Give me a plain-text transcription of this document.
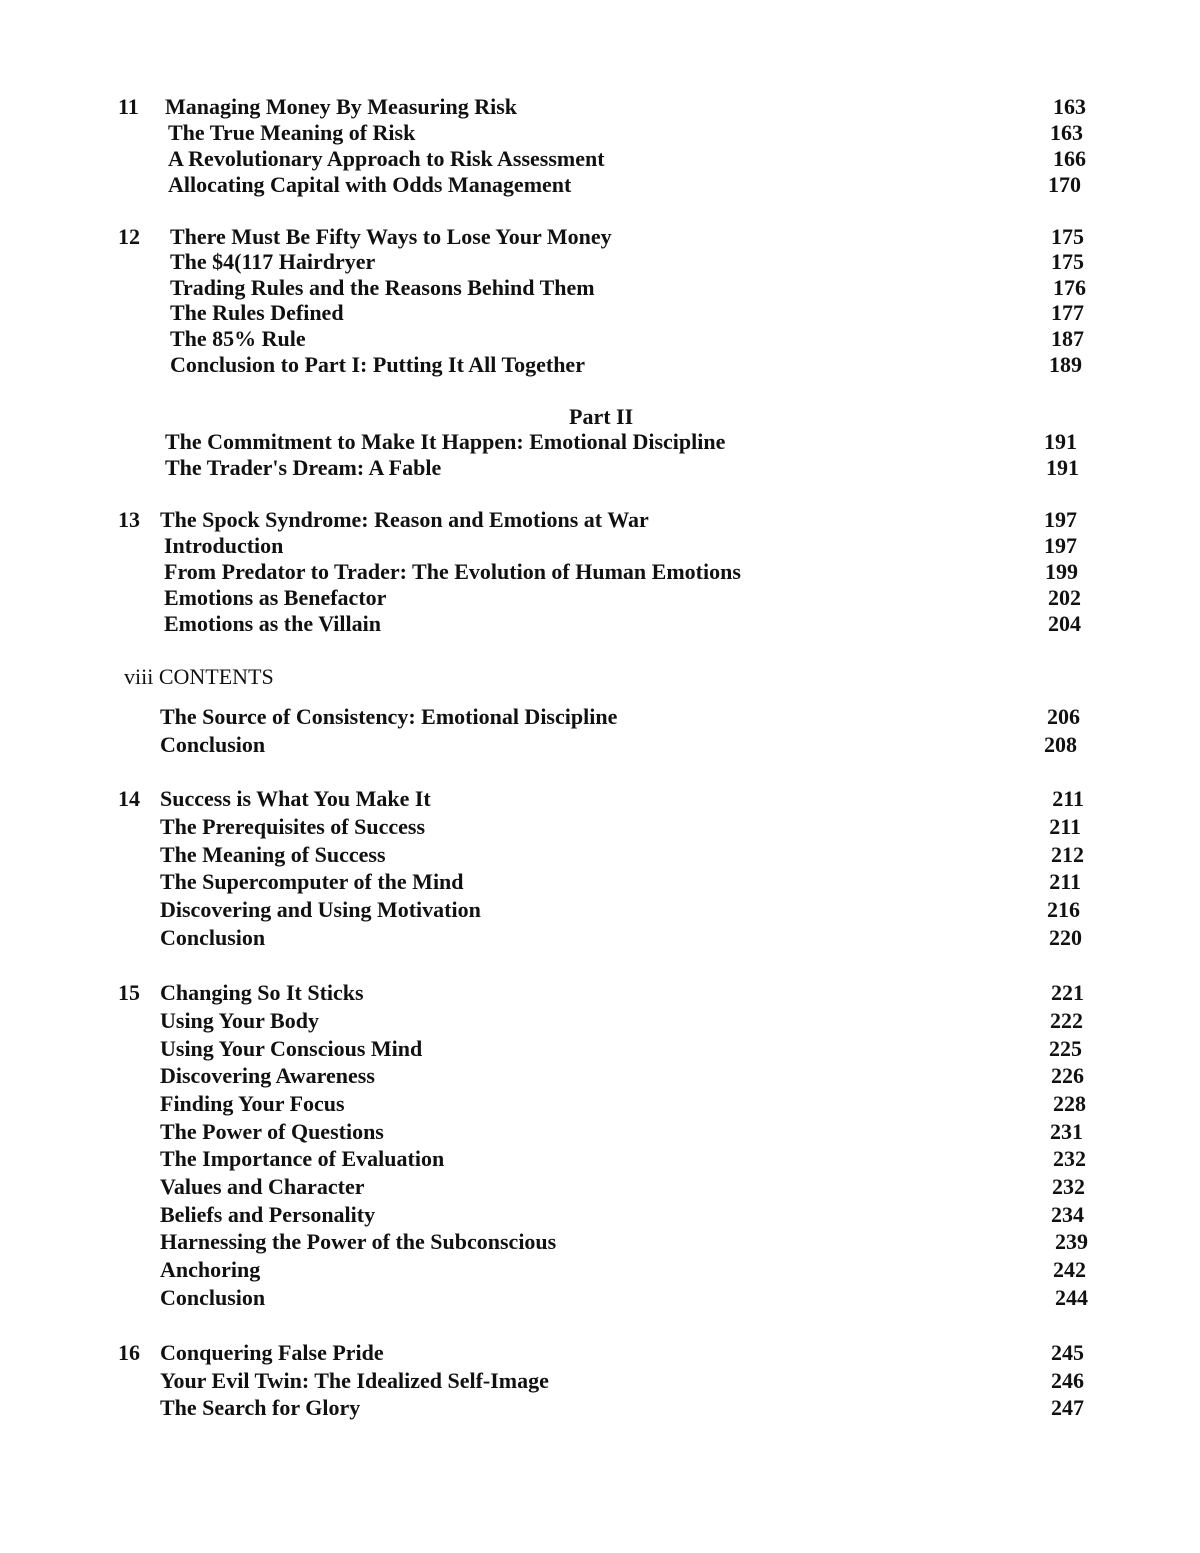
11 Managing Money By Measuring Risk	163
The True Meaning of Risk	163
A Revolutionary Approach to Risk Assessment	166
Allocating Capital with Odds Management	170
12 There Must Be Fifty Ways to Lose Your Money	175
The $4(117 Hairdryer	175
Trading Rules and the Reasons Behind Them	176
The Rules Defined	177
The 85% Rule	187
Conclusion to Part I: Putting It All Together	189
Part II
The Commitment to Make It Happen: Emotional Discipline	191
The Trader's Dream: A Fable	191
13 The Spock Syndrome: Reason and Emotions at War	197
Introduction	197
From Predator to Trader: The Evolution of Human Emotions	199
Emotions as Benefactor	202
Emotions as the Villain	204
viii CONTENTS
The Source of Consistency: Emotional Discipline	206
Conclusion	208
14 Success is What You Make It	211
The Prerequisites of Success	211
The Meaning of Success	212
The Supercomputer of the Mind	211
Discovering and Using Motivation	216
Conclusion	220
15 Changing So It Sticks	221
Using Your Body	222
Using Your Conscious Mind	225
Discovering Awareness	226
Finding Your Focus	228
The Power of Questions	231
The Importance of Evaluation	232
Values and Character	232
Beliefs and Personality	234
Harnessing the Power of the Subconscious	239
Anchoring	242
Conclusion	244
16 Conquering False Pride	245
Your Evil Twin: The Idealized Self-Image	246
The Search for Glory	247
